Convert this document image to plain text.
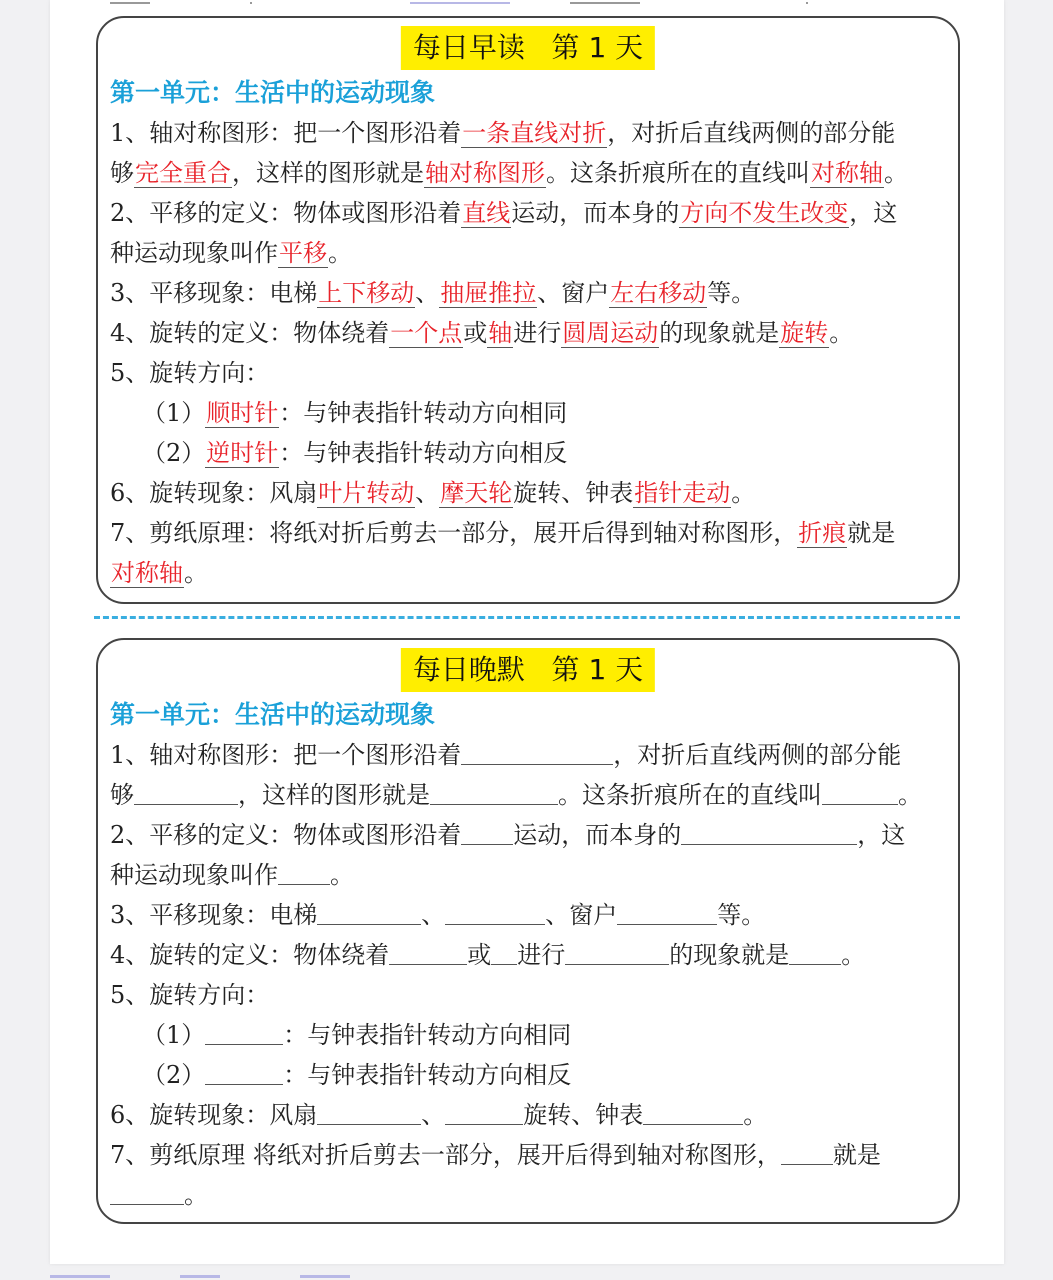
每日早读   第 1 天
第一单元：生活中的运动现象
1、轴对称图形：把一个图形沿着一条直线对折，对折后直线两侧的部分能
够完全重合，这样的图形就是轴对称图形。这条折痕所在的直线叫对称轴。
2、平移的定义：物体或图形沿着直线运动，而本身的方向不发生改变，这
种运动现象叫作平移。
3、平移现象：电梯上下移动、抽屉推拉、窗户左右移动等。
4、旋转的定义：物体绕着一个点或轴进行圆周运动的现象就是旋转。
5、旋转方向：
（1）顺时针：与钟表指针转动方向相同
（2）逆时针：与钟表指针转动方向相反
6、旋转现象：风扇叶片转动、摩天轮旋转、钟表指针走动。
7、剪纸原理：将纸对折后剪去一部分，展开后得到轴对称图形，折痕就是
对称轴。
每日晚默   第 1 天
第一单元：生活中的运动现象
1、轴对称图形：把一个图形沿着	，对折后直线两侧的部分能
够	，这样的图形就是	。这条折痕所在的直线叫	。
2、平移的定义：物体或图形沿着 运动，而本身的	，这
种运动现象叫作 。
3、平移现象：电梯	、	、窗户	等。
4、旋转的定义：物体绕着	或 进行	的现象就是 。
5、旋转方向：
（1）	：与钟表指针转动方向相同
（2）	：与钟表指针转动方向相反
6、旋转现象：风扇	、	旋转、钟表	。
7、剪纸原理 将纸对折后剪去一部分，展开后得到轴对称图形， 就是
。
